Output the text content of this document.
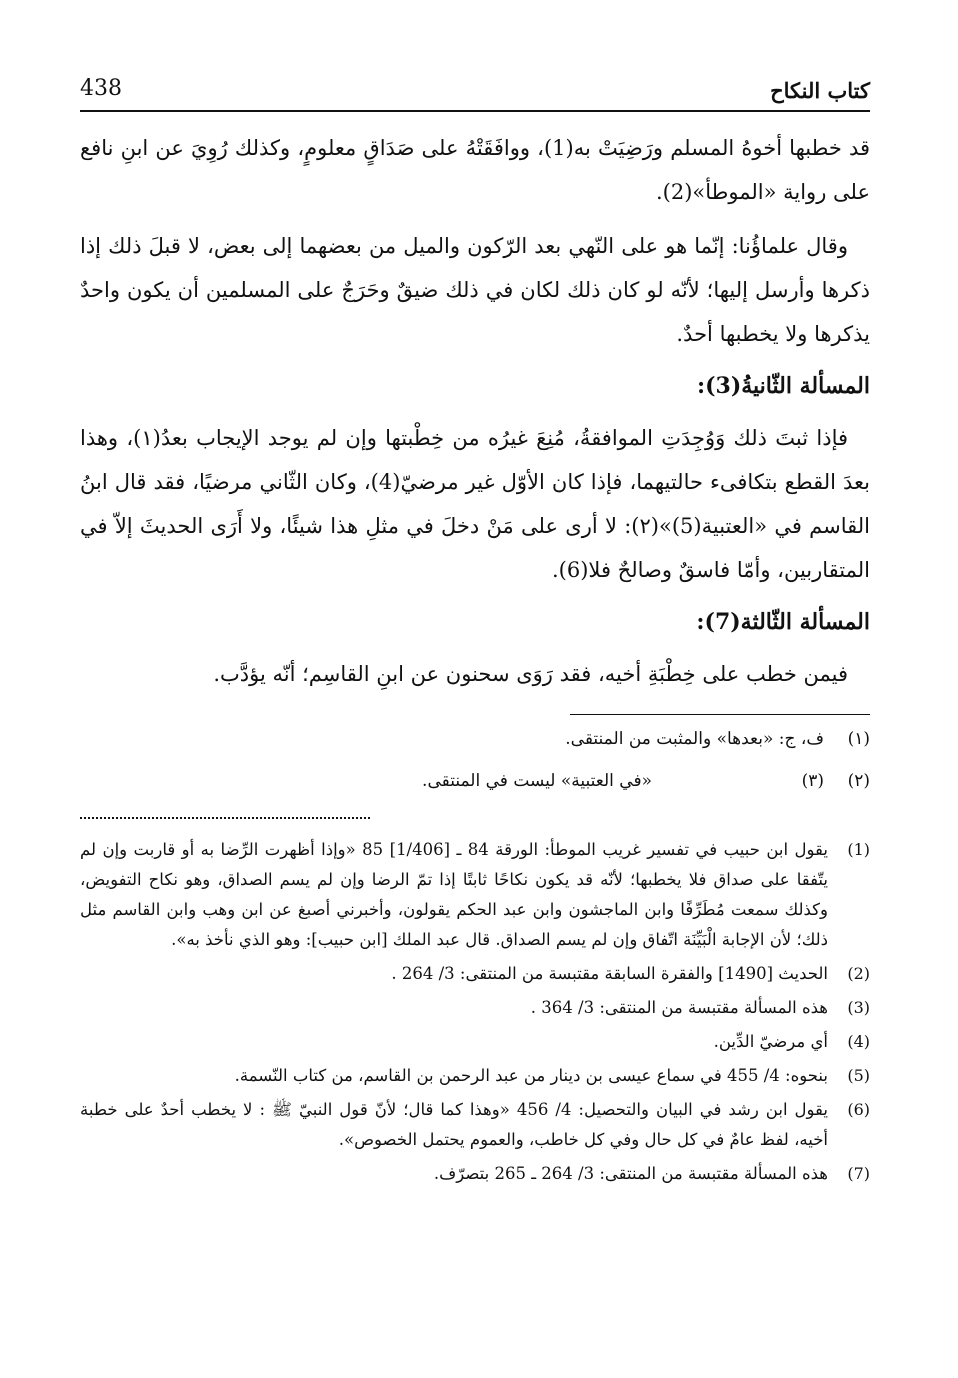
كتاب النكاح
438

قد خطبها أخوهُ المسلم ورَضِيَتْ به(1)، ووافَقَتْهُ على صَدَاقٍ معلومٍ، وكذلك رُوِيَ عن ابنِ نافع على رواية «الموطأ»(2).

وقال علماؤُنا: إنّما هو على النّهي بعد الرّكون والميل من بعضهما إلى بعض، لا قبلَ ذلك إذا ذكرها وأرسل إليها؛ لأنّه لو كان ذلك لكان في ذلك ضيقٌ وحَرَجٌ على المسلمين أن يكون واحدٌ يذكرها ولا يخطبها أحدٌ.

المسألة الثّانيةُ(3):

فإذا ثبتَ ذلك وَوُجِدَتِ الموافقةُ، مُنِعَ غيرُه من خِطْبتها وإن لم يوجد الإيجاب بعدُ(١)، وهذا بعدَ القطع بتكافىء حالتيهما، فإذا كان الأوّل غير مرضيّ(4)، وكان الثّاني مرضيًا، فقد قال ابنُ القاسم في «العتبية(5)»(٢): لا أرى على مَنْ دخلَ في مثلِ هذا شيئًا، ولا أَرَى الحديثَ إلاّ في المتقاربين، وأمّا فاسقٌ وصالحٌ فلا(6).

المسألة الثّالثة(7):

فيمن خطب على خِطْبَةِ أخيه، فقد رَوَى سحنون عن ابنِ القاسِم؛ أنّه يؤدَّب.

(١)
ف، ج: «بعدها» والمثبت من المنتقى.
(٢)
(٣)
«في العتبية» ليست في المنتقى.
(1)
يقول ابن حبيب في تفسير غريب الموطأ: الورقة 84 ـ [1/406] 85 «وإذا أظهرت الرِّضا به أو قاربت وإن لم يتّفقا على صداق فلا يخطبها؛ لأنّه قد يكون نكاحًا ثابتًا إذا تمّ الرضا وإن لم يسم الصداق، وهو نكاح التفويض، وكذلك سمعت مُطَرِّفًا وابن الماجشون وابن عبد الحكم يقولون، وأخبرني أصبغ عن ابن وهب وابن القاسم مثل ذلك؛ لأن الإجابة الْبَيِّنَة اتّفاق وإن لم يسم الصداق. قال عبد الملك [ابن حبيب]: وهو الذي نأخذ به».
(2)
الحديث [1490] والفقرة السابقة مقتبسة من المنتقى: 3/ 264 .
(3)
هذه المسألة مقتبسة من المنتقى: 3/ 364 .
(4)
أي مرضيّ الدِّين.
(5)
بنحوه: 4/ 455 في سماع عيسى بن دينار من عبد الرحمن بن القاسم، من كتاب النّسمة.
(6)
يقول ابن رشد في البيان والتحصيل: 4/ 456 «وهذا كما قال؛ لأنّ قول النبيّ ﷺ : لا يخطب أحدٌ على خطبة أخيه، لفظ عامٌ في كل حال وفي كل خاطب، والعموم يحتمل الخصوص».
(7)
هذه المسألة مقتبسة من المنتقى: 3/ 264 ـ 265 بتصرّف.
